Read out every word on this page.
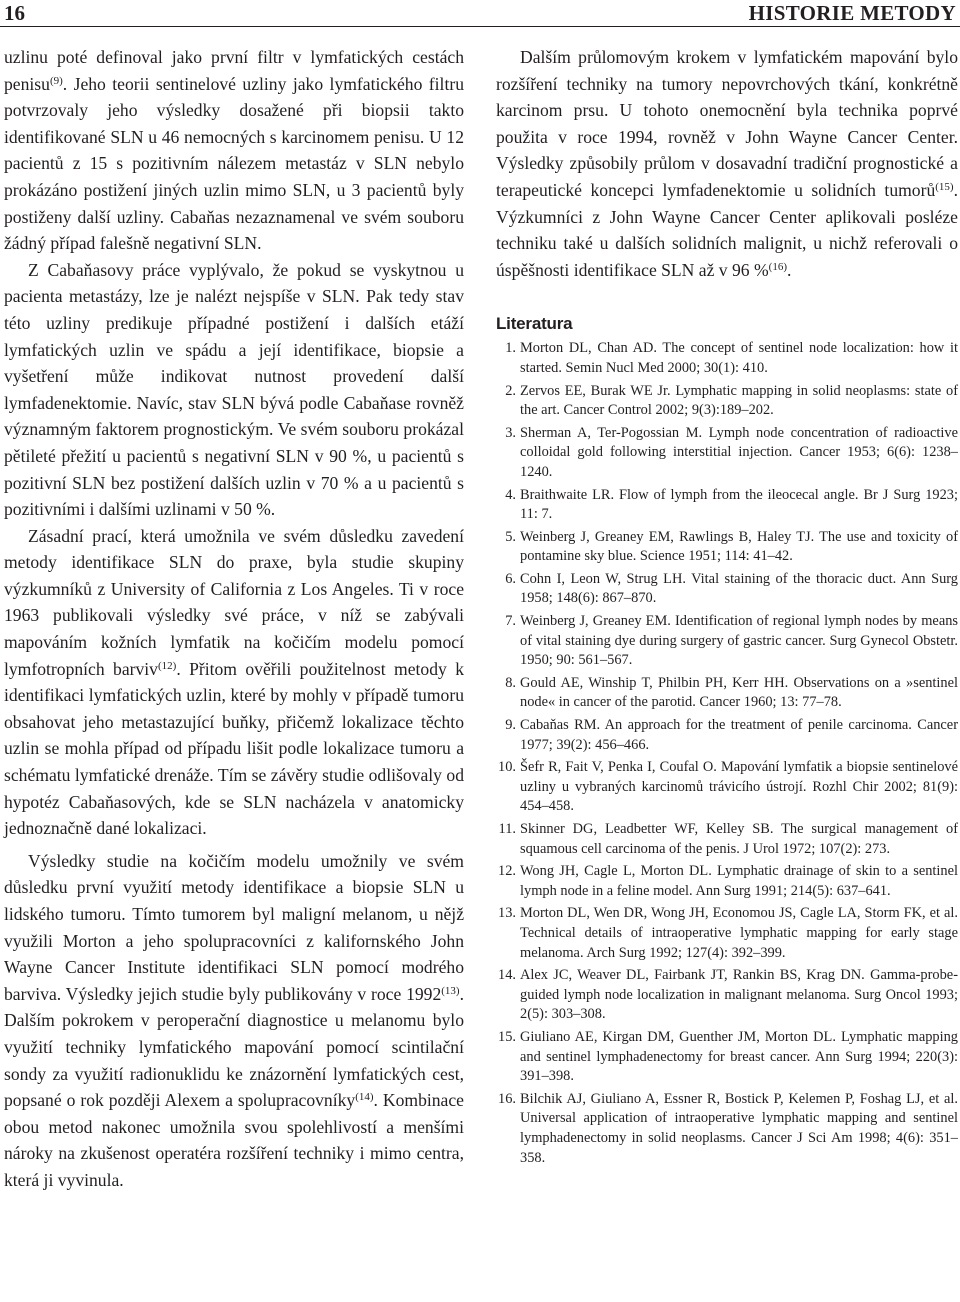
16	HISTORIE METODY

uzlinu poté definoval jako první filtr v lymfatických cestách penisu$^{(9)}$. Jeho teorii sentinelové uzliny jako lymfatického filtru potvrzovaly jeho výsledky dosažené při biopsii takto identifikované SLN u 46 nemocných s karcinomem penisu. U 12 pacientů z 15 s pozitivním nálezem metastáz v SLN nebylo prokázáno postižení jiných uzlin mimo SLN, u 3 pacientů byly postiženy další uzliny. Cabaňas nezaznamenal ve svém souboru žádný případ falešně negativní SLN.

Z Cabaňasovy práce vyplývalo, že pokud se vyskytnou u pacienta metastázy, lze je nalézt nejspíše v SLN. Pak tedy stav této uzliny predikuje případné postižení i dalších etáží lymfatických uzlin ve spádu a její identifikace, biopsie a vyšetření může indikovat nutnost provedení další lymfadenektomie. Navíc, stav SLN bývá podle Cabaňase rovněž významným faktorem prognostickým. Ve svém souboru prokázal pětileté přežití u pacientů s negativní SLN v 90 %, u pacientů s pozitivní SLN bez postižení dalších uzlin v 70 % a u pacientů s pozitivními i dalšími uzlinami v 50 %.

Zásadní prací, která umožnila ve svém důsledku zavedení metody identifikace SLN do praxe, byla studie skupiny výzkumníků z University of California z Los Angeles. Ti v roce 1963 publikovali výsledky své práce, v níž se zabývali mapováním kožních lymfatik na kočičím modelu pomocí lymfotropních barviv$^{(12)}$. Přitom ověřili použitelnost metody k identifikaci lymfatických uzlin, které by mohly v případě tumoru obsahovat jeho metastazující buňky, přičemž lokalizace těchto uzlin se mohla případ od případu lišit podle lokalizace tumoru a schématu lymfatické drenáže. Tím se závěry studie odlišovaly od hypotéz Cabaňasových, kde se SLN nacházela v anatomicky jednoznačně dané lokalizaci.

Výsledky studie na kočičím modelu umožnily ve svém důsledku první využití metody identifikace a biopsie SLN u lidského tumoru. Tímto tumorem byl maligní melanom, u nějž využili Morton a jeho spolupracovníci z kalifornského John Wayne Cancer Institute identifikaci SLN pomocí modrého barviva. Výsledky jejich studie byly publikovány v roce 1992$^{(13)}$. Dalším pokrokem v peroperační diagnostice u melanomu bylo využití techniky lymfatického mapování pomocí scintilační sondy za využití radionuklidu ke znázornění lymfatických cest, popsané o rok později Alexem a spolupracovníky$^{(14)}$. Kombinace obou metod nakonec umožnila svou spolehlivostí a menšími nároky na zkušenost operatéra rozšíření techniky i mimo centra, která ji vyvinula.

Dalším průlomovým krokem v lymfatickém mapování bylo rozšíření techniky na tumory nepovrchových tkání, konkrétně karcinom prsu. U tohoto onemocnění byla technika poprvé použita v roce 1994, rovněž v John Wayne Cancer Center. Výsledky způsobily průlom v dosavadní tradiční prognostické a terapeutické koncepci lymfadenektomie u solidních tumorů$^{(15)}$. Výzkumníci z John Wayne Cancer Center aplikovali posléze techniku také u dalších solidních malignit, u nichž referovali o úspěšnosti identifikace SLN až v 96 %$^{(16)}$.

Literatura
1. Morton DL, Chan AD. The concept of sentinel node localization: how it started. Semin Nucl Med 2000; 30(1): 410.
2. Zervos EE, Burak WE Jr. Lymphatic mapping in solid neoplasms: state of the art. Cancer Control 2002; 9(3):189–202.
3. Sherman A, Ter-Pogossian M. Lymph node concentration of radioactive colloidal gold following interstitial injection. Cancer 1953; 6(6): 1238–1240.
4. Braithwaite LR. Flow of lymph from the ileocecal angle. Br J Surg 1923; 11: 7.
5. Weinberg J, Greaney EM, Rawlings B, Haley TJ. The use and toxicity of pontamine sky blue. Science 1951; 114: 41–42.
6. Cohn I, Leon W, Strug LH. Vital staining of the thoracic duct. Ann Surg 1958; 148(6): 867–870.
7. Weinberg J, Greaney EM. Identification of regional lymph nodes by means of vital staining dye during surgery of gastric cancer. Surg Gynecol Obstetr. 1950; 90: 561–567.
8. Gould AE, Winship T, Philbin PH, Kerr HH. Observations on a »sentinel node« in cancer of the parotid. Cancer 1960; 13: 77–78.
9. Cabaňas RM. An approach for the treatment of penile carcinoma. Cancer 1977; 39(2): 456–466.
10. Šefr R, Fait V, Penka I, Coufal O. Mapování lymfatik a biopsie sentinelové uzliny u vybraných karcinomů trávicího ústrojí. Rozhl Chir 2002; 81(9): 454–458.
11. Skinner DG, Leadbetter WF, Kelley SB. The surgical management of squamous cell carcinoma of the penis. J Urol 1972; 107(2): 273.
12. Wong JH, Cagle L, Morton DL. Lymphatic drainage of skin to a sentinel lymph node in a feline model. Ann Surg 1991; 214(5): 637–641.
13. Morton DL, Wen DR, Wong JH, Economou JS, Cagle LA, Storm FK, et al. Technical details of intraoperative lymphatic mapping for early stage melanoma. Arch Surg 1992; 127(4): 392–399.
14. Alex JC, Weaver DL, Fairbank JT, Rankin BS, Krag DN. Gamma-probe-guided lymph node localization in malignant melanoma. Surg Oncol 1993; 2(5): 303–308.
15. Giuliano AE, Kirgan DM, Guenther JM, Morton DL. Lymphatic mapping and sentinel lymphadenectomy for breast cancer. Ann Surg 1994; 220(3): 391–398.
16. Bilchik AJ, Giuliano A, Essner R, Bostick P, Kelemen P, Foshag LJ, et al. Universal application of intraoperative lymphatic mapping and sentinel lymphadenectomy in solid neoplasms. Cancer J Sci Am 1998; 4(6): 351–358.
